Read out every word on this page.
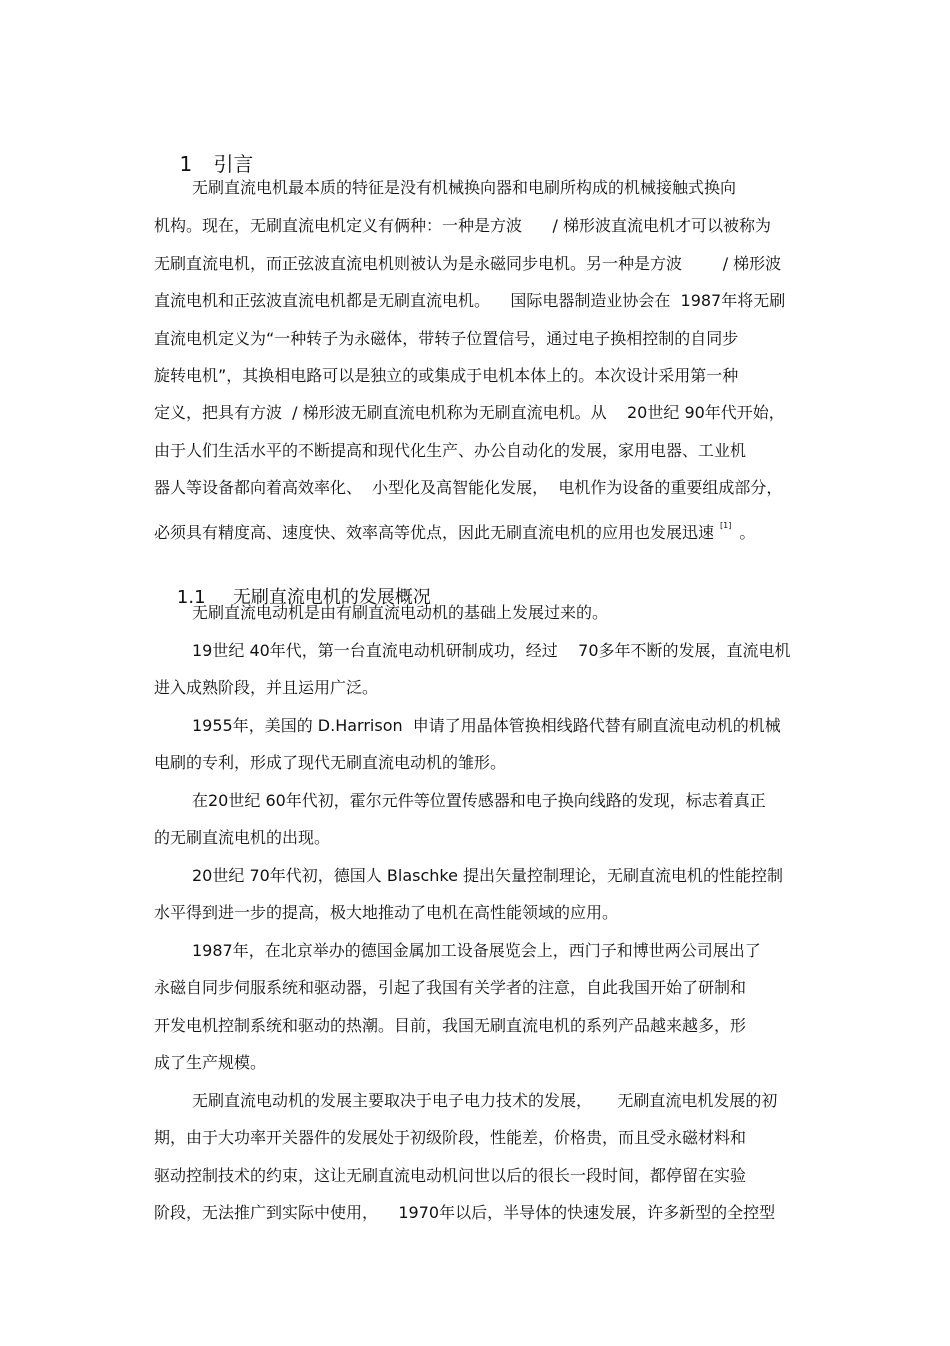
1 引言

无刷直流电机最本质的特征是没有机械换向器和电刷所构成的机械接触式换向
机构。现在，无刷直流电机定义有俩种：一种是方波      / 梯形波直流电机才可以被称为
无刷直流电机，而正弦波直流电机则被认为是永磁同步电机。另一种是方波        / 梯形波
直流电机和正弦波直流电机都是无刷直流电机。    国际电器制造业协会在  1987年将无刷
直流电机定义为“一种转子为永磁体，带转子位置信号，通过电子换相控制的自同步
旋转电机”，其换相电路可以是独立的或集成于电机本体上的。本次设计采用第一种
定义，把具有方波  / 梯形波无刷直流电机称为无刷直流电机。从    20世纪 90年代开始，
由于人们生活水平的不断提高和现代化生产、办公自动化的发展，家用电器、工业机
器人等设备都向着高效率化、  小型化及高智能化发展，  电机作为设备的重要组成部分，
必须具有精度高、速度快、效率高等优点，因此无刷直流电机的应用也发展迅速 [1] 。

1.1 无刷直流电机的发展概况

无刷直流电动机是由有刷直流电动机的基础上发展过来的。
19世纪 40年代，第一台直流电动机研制成功，经过    70多年不断的发展，直流电机
进入成熟阶段，并且运用广泛。
1955年，美国的 D.Harrison  申请了用晶体管换相线路代替有刷直流电动机的机械
电刷的专利，形成了现代无刷直流电动机的雏形。
在20世纪 60年代初，霍尔元件等位置传感器和电子换向线路的发现，标志着真正
的无刷直流电机的出现。
20世纪 70年代初，德国人 Blaschke 提出矢量控制理论，无刷直流电机的性能控制
水平得到进一步的提高，极大地推动了电机在高性能领域的应用。
1987年，在北京举办的德国金属加工设备展览会上，西门子和博世两公司展出了
永磁自同步伺服系统和驱动器，引起了我国有关学者的注意，自此我国开始了研制和
开发电机控制系统和驱动的热潮。目前，我国无刷直流电机的系列产品越来越多，形
成了生产规模。
无刷直流电动机的发展主要取决于电子电力技术的发展，     无刷直流电机发展的初
期，由于大功率开关器件的发展处于初级阶段，性能差，价格贵，而且受永磁材料和
驱动控制技术的约束，这让无刷直流电动机问世以后的很长一段时间，都停留在实验
阶段，无法推广到实际中使用，    1970年以后，半导体的快速发展，许多新型的全控型
